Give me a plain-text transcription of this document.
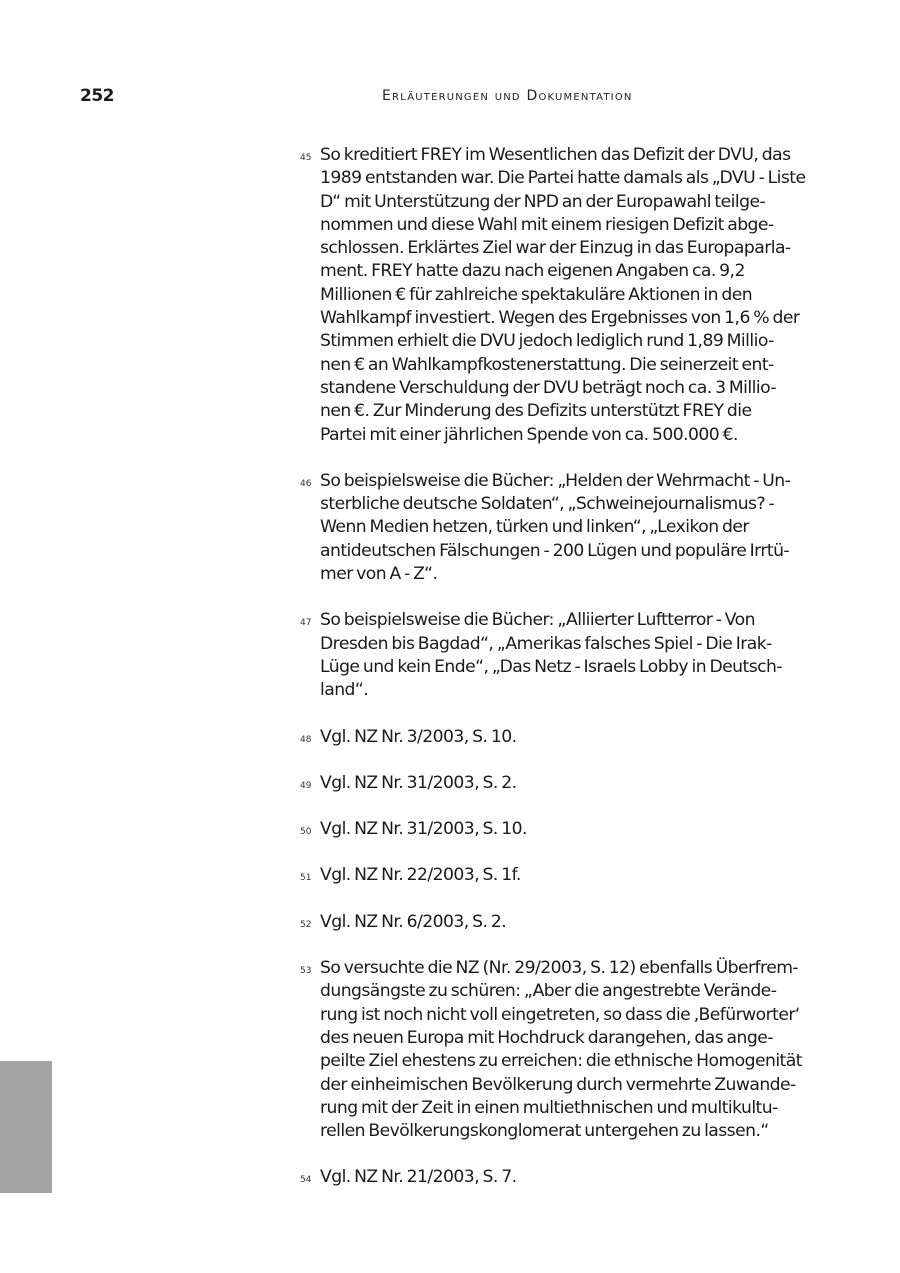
252	Erläuterungen und Dokumentation
45 So kreditiert FREY im Wesentlichen das Defizit der DVU, das
1989 entstanden war. Die Partei hatte damals als „DVU - Liste
D“ mit Unterstützung der NPD an der Europawahl teilge-
nommen und diese Wahl mit einem riesigen Defizit abge-
schlossen. Erklärtes Ziel war der Einzug in das Europaparla-
ment. FREY hatte dazu nach eigenen Angaben ca. 9,2
Millionen € für zahlreiche spektakuläre Aktionen in den
Wahlkampf investiert. Wegen des Ergebnisses von 1,6 % der
Stimmen erhielt die DVU jedoch lediglich rund 1,89 Millio-
nen € an Wahlkampfkostenerstattung. Die seinerzeit ent-
standene Verschuldung der DVU beträgt noch ca. 3 Millio-
nen €. Zur Minderung des Defizits unterstützt FREY die
Partei mit einer jährlichen Spende von ca. 500.000 €.
46 So beispielsweise die Bücher: „Helden der Wehrmacht - Un-
sterbliche deutsche Soldaten“, „Schweinejournalismus? -
Wenn Medien hetzen, türken und linken“, „Lexikon der
antideutschen Fälschungen - 200 Lügen und populäre Irrtü-
mer von A - Z“.
47 So beispielsweise die Bücher: „Alliierter Luftterror - Von
Dresden bis Bagdad“, „Amerikas falsches Spiel - Die Irak-
Lüge und kein Ende“, „Das Netz - Israels Lobby in Deutsch-
land“.
48 Vgl. NZ Nr. 3/2003, S. 10.
49 Vgl. NZ Nr. 31/2003, S. 2.
50 Vgl. NZ Nr. 31/2003, S. 10.
51 Vgl. NZ Nr. 22/2003, S. 1f.
52 Vgl. NZ Nr. 6/2003, S. 2.
53 So versuchte die NZ (Nr. 29/2003, S. 12) ebenfalls Überfrem-
dungsängste zu schüren: „Aber die angestrebte Verände-
rung ist noch nicht voll eingetreten, so dass die ‚Befürworter‘
des neuen Europa mit Hochdruck darangehen, das ange-
peilte Ziel ehestens zu erreichen: die ethnische Homogenität
der einheimischen Bevölkerung durch vermehrte Zuwande-
rung mit der Zeit in einen multiethnischen und multikultu-
rellen Bevölkerungskonglomerat untergehen zu lassen.“
54 Vgl. NZ Nr. 21/2003, S. 7.
